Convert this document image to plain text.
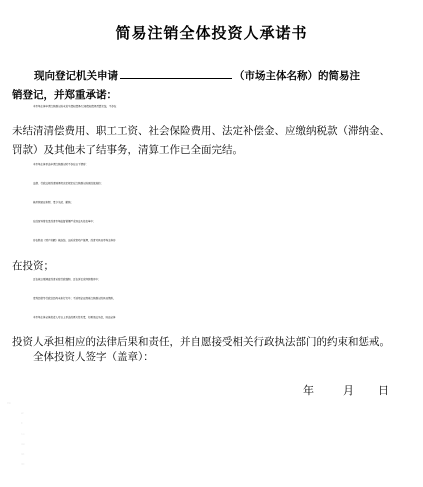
简易注销全体投资人承诺书
现向登记机关申请	（市场主体名称）的简易注
销登记，并郑重承诺：
本市场主体申请注销登记前未发生债权债务/已将债权债务清算完结，不存在
未结清清偿费用、职工工资、社会保险费用、法定补偿金、应缴纳税款（滞纳金、
罚款）及其他未了结事务，清算工作已全面完结。
本市场主体承诺申请注销登记时不存在以下情形：
法律、行政法规或者国务院决定规定在注销登记前需经批准的；
被吊销营业执照、责令关闭、撤销；
在经营异常名录或者市场监督管理严重违法失信名单中；
存在股权（财产份额）被冻结、出质或者动产抵押，或者对其他市场主体存
在投资；
正在被立案调查或者采取行政强制、正在诉讼或仲裁程序中；
受到罚款等行政处罚尚未执行完毕；不适用企业简易注销登记的其他情形。
本市场主体全体投资人对以上承诺的真实性负责，如果违法失信，则由全体
投资人承担相应的法律后果和责任，并自愿接受相关行政执法部门的约束和惩戒。
全体投资人签字（盖章）：
年	月 日
